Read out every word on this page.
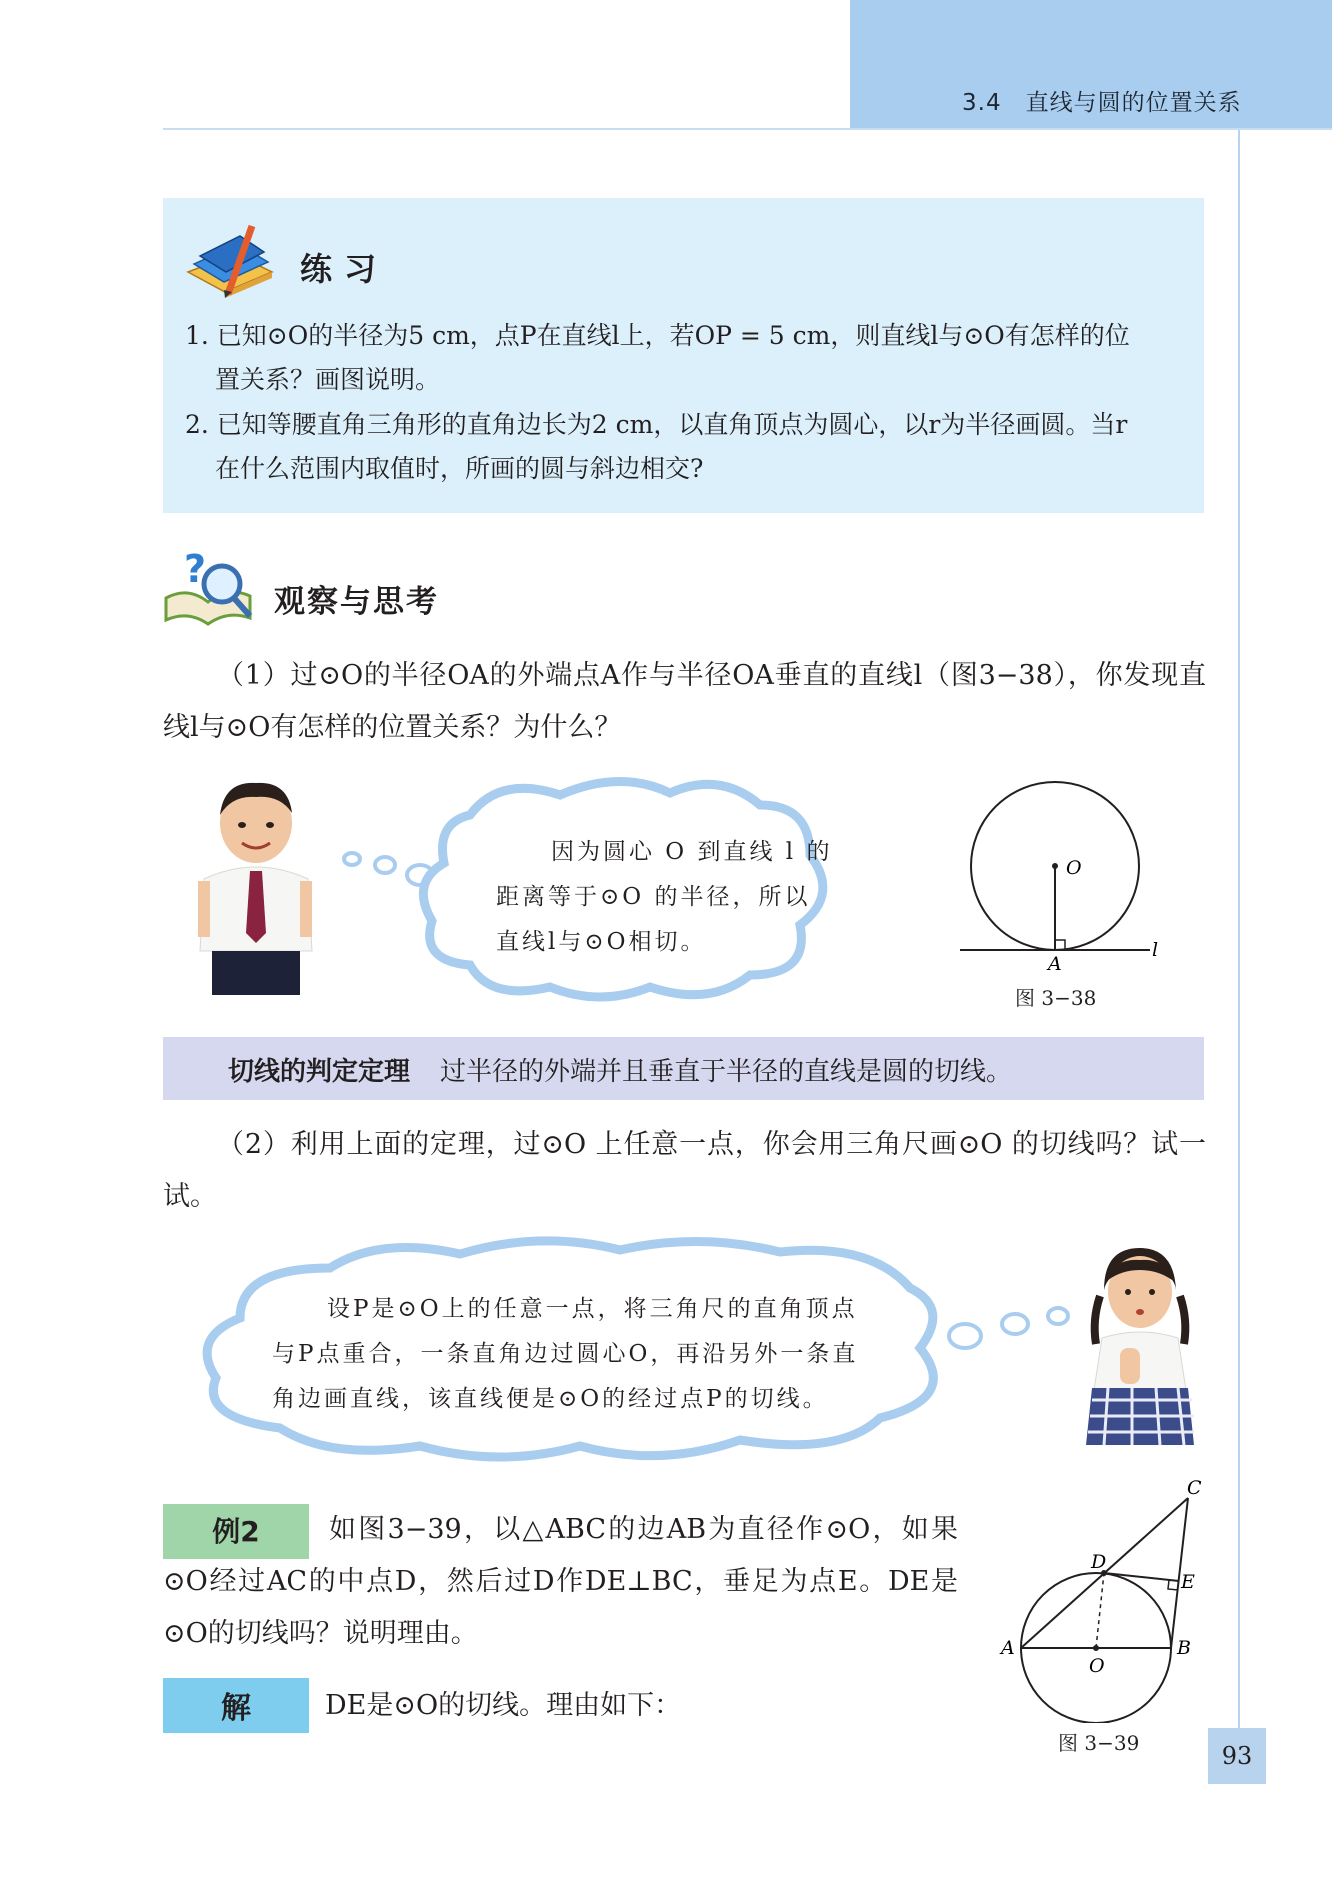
3.4　直线与圆的位置关系
练习
1. 已知⊙O的半径为5 cm，点P在直线l上，若OP = 5 cm，则直线l与⊙O有怎样的位
置关系？画图说明。
2. 已知等腰直角三角形的直角边长为2 cm，以直角顶点为圆心，以r为半径画圆。当r
在什么范围内取值时，所画的圆与斜边相交?
?
观察与思考
（1）过⊙O的半径OA的外端点A作与半径OA垂直的直线l（图3−38），你发现直线l与⊙O有怎样的位置关系？为什么？
因为圆心 O 到直线 l 的
距离等于⊙O 的半径，所以
直线l与⊙O相切。
O
A
l
图 3−38
切线的判定定理 过半径的外端并且垂直于半径的直线是圆的切线。
（2）利用上面的定理，过⊙O 上任意一点，你会用三角尺画⊙O 的切线吗？试一试。
设P是⊙O上的任意一点，将三角尺的直角顶点
与P点重合，一条直角边过圆心O，再沿另外一条直
角边画直线，该直线便是⊙O的经过点P的切线。
例2	如图3−39，以△ABC的边AB为直径作⊙O，如果⊙O经过AC的中点D，然后过D作DE⊥BC，垂足为点E。DE是⊙O的切线吗？说明理由。
解	DE是⊙O的切线。理由如下：
A	B
C
D
E
O
图 3−39	93
